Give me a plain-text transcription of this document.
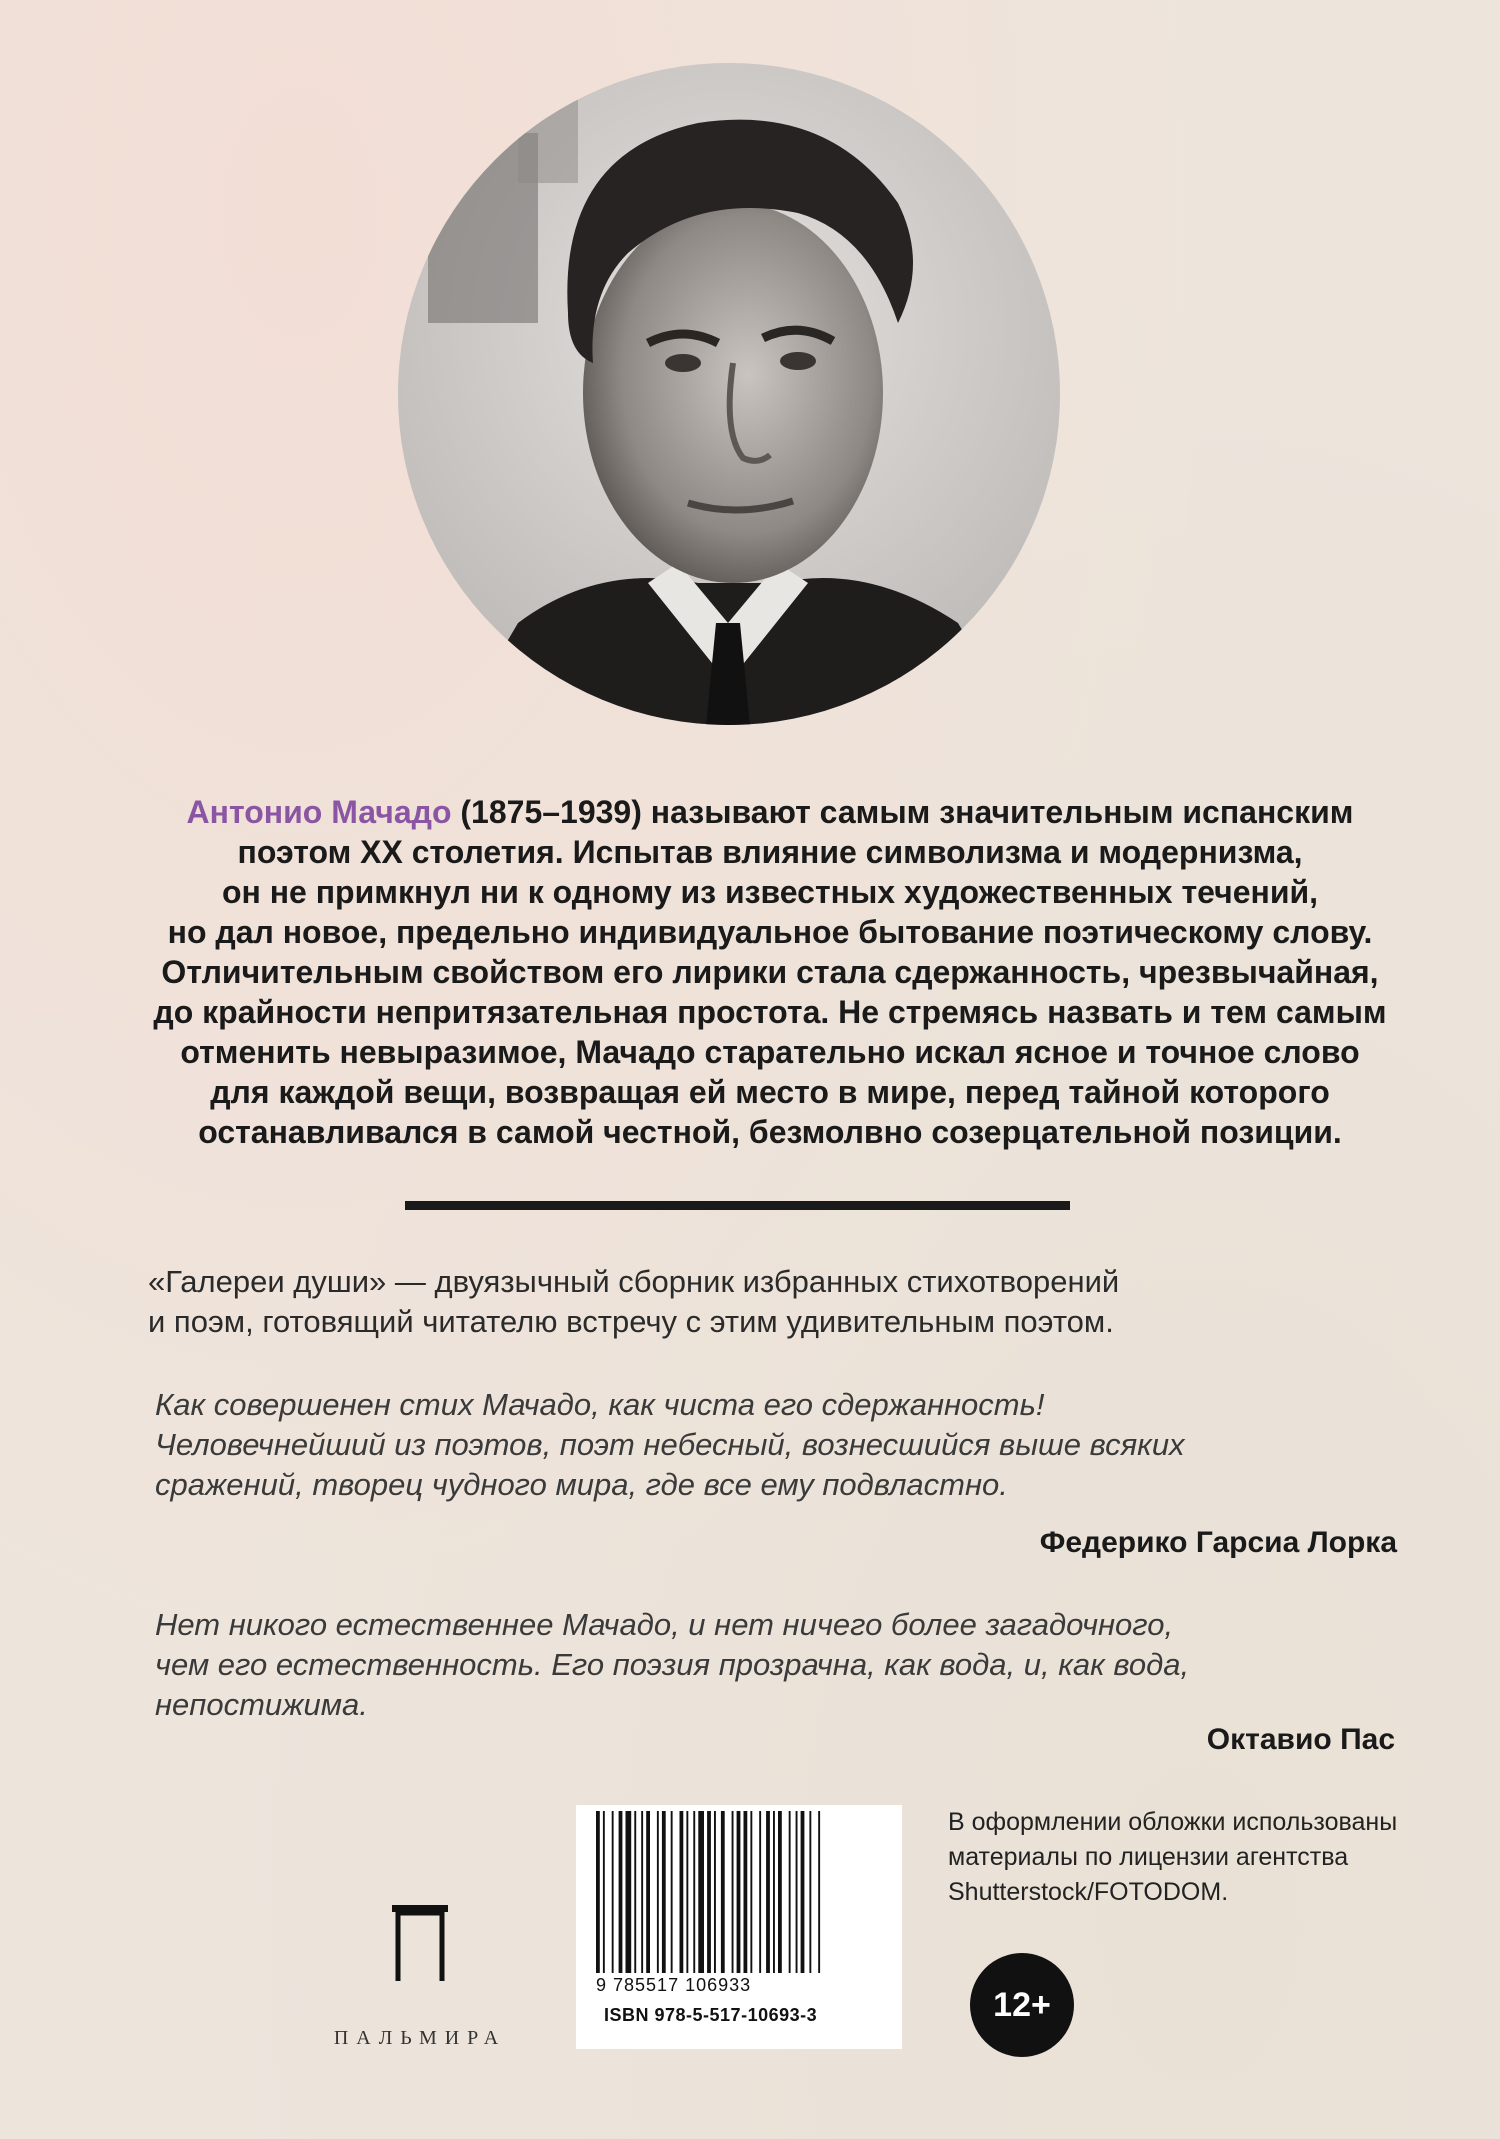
Антонио Мачадо (1875–1939) называют самым значительным испанским
поэтом XX столетия. Испытав влияние символизма и модернизма,
он не примкнул ни к одному из известных художественных течений,
но дал новое, предельно индивидуальное бытование поэтическому слову.
Отличительным свойством его лирики стала сдержанность, чрезвычайная,
до крайности непритязательная простота. Не стремясь назвать и тем самым
отменить невыразимое, Мачадо старательно искал ясное и точное слово
для каждой вещи, возвращая ей место в мире, перед тайной которого
останавливался в самой честной, безмолвно созерцательной позиции.
«Галереи души» — двуязычный сборник избранных стихотворений
и поэм, готовящий читателю встречу с этим удивительным поэтом.
Как совершенен стих Мачадо, как чиста его сдержанность!
Человечнейший из поэтов, поэт небесный, вознесшийся выше всяких
сражений, творец чудного мира, где все ему подвластно.
Федерико Гарсиа Лорка
Нет никого естественнее Мачадо, и нет ничего более загадочного,
чем его естественность. Его поэзия прозрачна, как вода, и, как вода,
непостижима.
Октавио Пас
ПАЛЬМИРА
9 785517 106933
ISBN 978-5-517-10693-3
В оформлении обложки использованы
материалы по лицензии агентства
Shutterstock/FOTODOM.
12+
